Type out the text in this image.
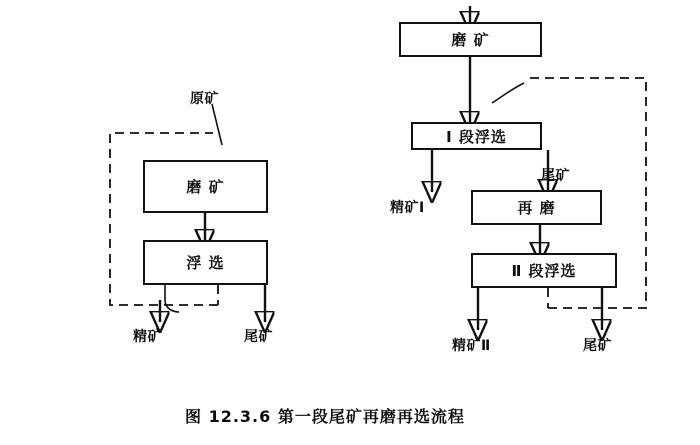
磨 矿
浮 选
原矿
精矿	尾矿
磨 矿
Ⅰ 段浮选
再 磨
Ⅱ 段浮选
精矿Ⅰ
尾矿
精矿Ⅱ	尾矿
图 12.3.6 第一段尾矿再磨再选流程
